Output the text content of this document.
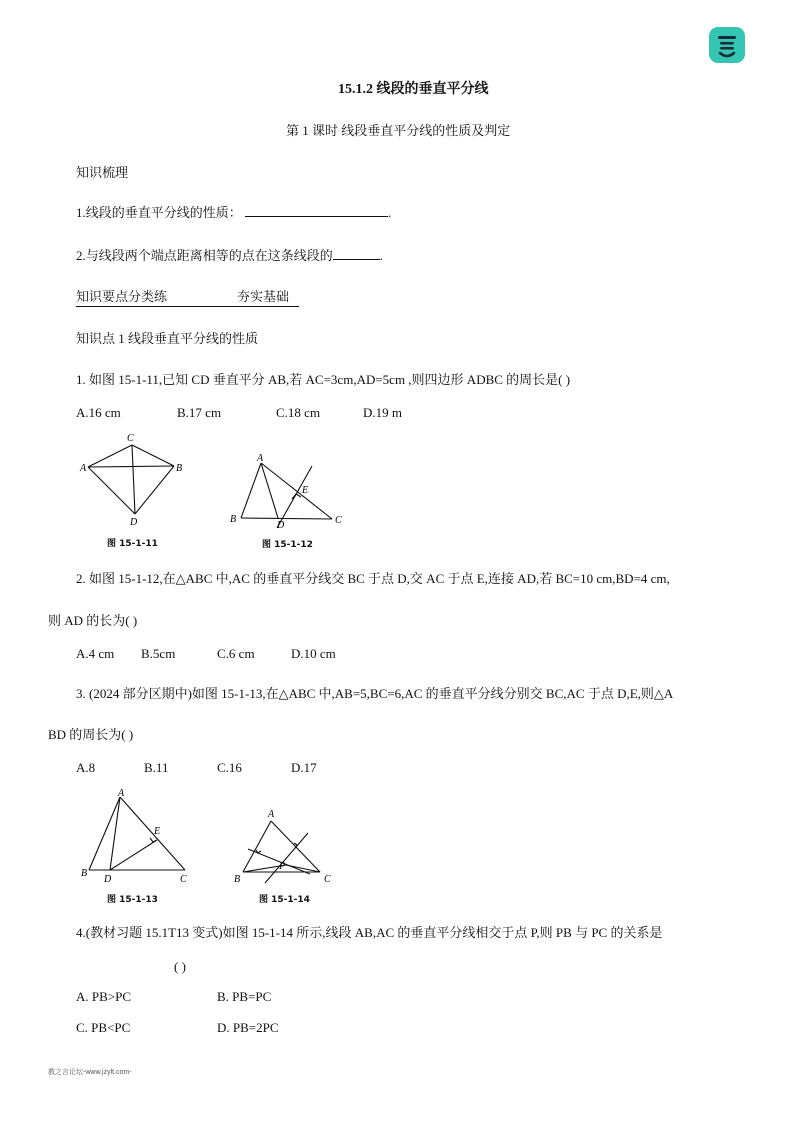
15.1.2 线段的垂直平分线
第 1 课时 线段垂直平分线的性质及判定
知识梳理
1.线段的垂直平分线的性质：	.
2.与线段两个端点距离相等的点在这条线段的	.
知识要点分类练	夯实基础
知识点 1 线段垂直平分线的性质
1. 如图 15-1-11,已知 CD 垂直平分 AB,若 AC=3cm,AD=5cm ,则四边形 ADBC 的周长是( )
A.16 cm	B.17 cm	C.18 cm	D.19 m
C
A	B
D
图 15-1-11
A
E
B
D	C
图 15-1-12
2. 如图 15-1-12,在△ABC 中,AC 的垂直平分线交 BC 于点 D,交 AC 于点 E,连接 AD,若 BC=10 cm,BD=4 cm,
则 AD 的长为( )
A.4 cm B.5cm	C.6 cm	D.10 cm
3. (2024 部分区期中)如图 15-1-13,在△ABC 中,AB=5,BC=6,AC 的垂直平分线分别交 BC,AC 于点 D,E,则△A
BD 的周长为( )
A.8	B.11	C.16	D.17
A
E
B
D	C
图 15-1-13
A
P
B	C
图 15-1-14
4.(教材习题 15.1T13 变式)如图 15-1-14 所示,线段 AB,AC 的垂直平分线相交于点 P,则 PB 与 PC 的关系是
( )
A. PB>PC	B. PB=PC
C. PB<PC	D. PB=2PC
教之言论坛-www.jzylt.com-
